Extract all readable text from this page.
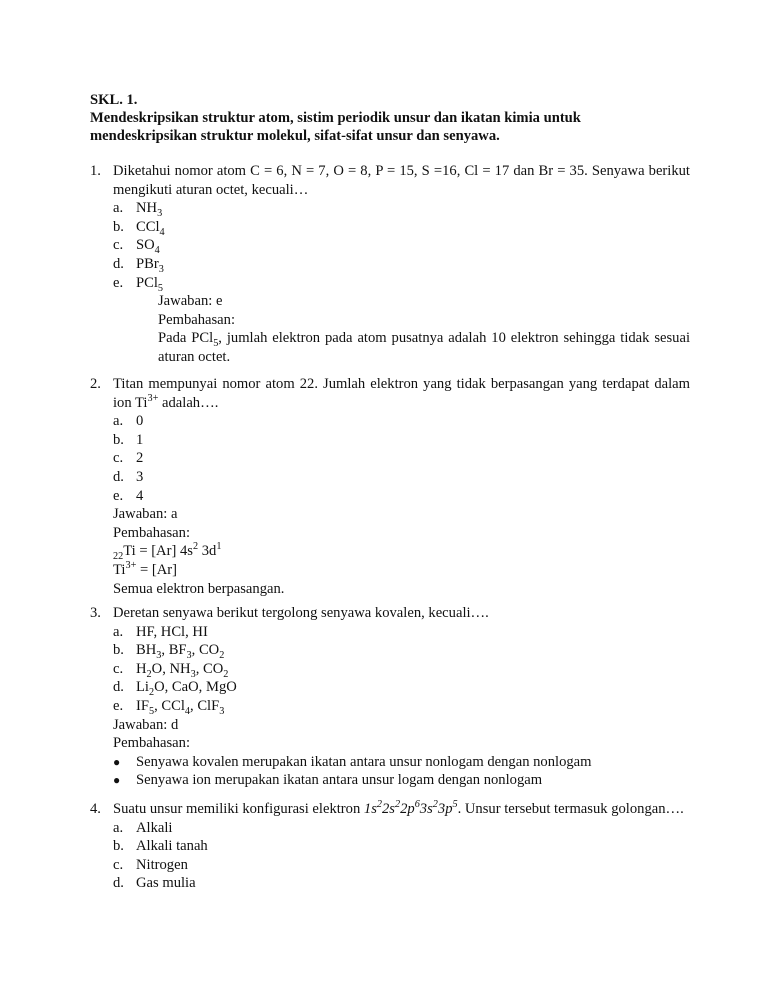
SKL. 1.
Mendeskripsikan struktur atom, sistim periodik unsur dan ikatan kimia untuk
mendeskripsikan struktur molekul, sifat-sifat unsur dan senyawa.
1. Diketahui nomor atom C = 6, N = 7, O = 8, P = 15, S =16, Cl = 17 dan Br = 35. Senyawa berikut mengikuti aturan octet, kecuali…
a. $NH_3$
b. CCl$_4$
c. $SO_4$
d. PBr$_3$
e. PCl$_5$
Jawaban: e
Pembahasan:
Pada PCl$_5$, jumlah elektron pada atom pusatnya adalah 10 elektron sehingga tidak sesuai aturan octet.
2. Titan mempunyai nomor atom 22. Jumlah elektron yang tidak berpasangan yang terdapat dalam ion $Ti^{3+}$ adalah….
a. 0
b. 1
c. 2
d. 3
e. 4
Jawaban: a
Pembahasan:
$_{22}$Ti = [Ar] $4s^2$ $3d^1$
$Ti^{3+} = [Ar]$
Semua elektron berpasangan.
3. Deretan senyawa berikut tergolong senyawa kovalen, kecuali….
a. HF, HCl, HI
b. $BH_3$, $BF_3$, $CO_2$
c. $H_2O$, $NH_3$, $CO_2$
d. $Li_2O$, CaO, MgO
e. $IF_5$, CCl$_4$, ClF$_3$
Jawaban: d
Pembahasan:
● Senyawa kovalen merupakan ikatan antara unsur nonlogam dengan nonlogam
● Senyawa ion merupakan ikatan antara unsur logam dengan nonlogam
4. Suatu unsur memiliki konfigurasi elektron $1s^22s^22p^63s^23p^5$. Unsur tersebut termasuk golongan….
a. Alkali
b. Alkali tanah
c. Nitrogen
d. Gas mulia
